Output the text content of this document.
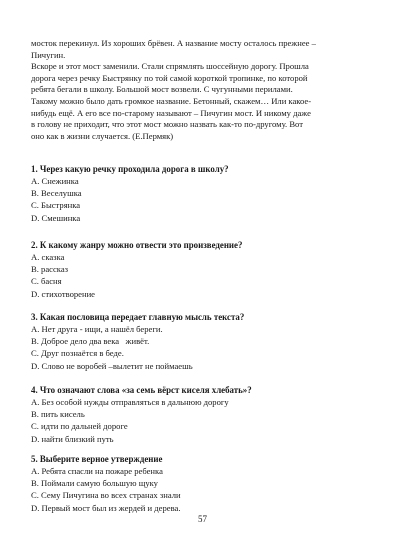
мосток перекинул. Из хороших брёвен. А название мосту осталось прежнее –

Пичугин.

Вскоре и этот мост заменили. Стали спрямлять шоссейную дорогу. Прошла

дорога через речку Быстрянку по той самой короткой тропинке, по которой

ребята бегали в школу. Большой мост возвели. С чугунными перилами.

Такому можно было дать громкое название. Бетонный, скажем… Или какое-

нибудь ещё. А его все по-старому называют – Пичугин мост. И никому даже

в голову не приходит, что этот мост можно назвать как-то по-другому. Вот

оно как в жизни случается. (Е.Пермяк)

1. Через какую речку проходила дорога в школу?

A. Снежинка

B. Веселушка

C. Быстрянка

D. Смешинка

2. К какому жанру можно отвести это произведение?

A. сказка

B. рассказ

C. басня

D. стихотворение

3. Какая пословица передает главную мысль текста?

A. Нет друга - ищи, а нашёл береги.

B. Доброе дело два века   живёт.

C. Друг познаётся в беде.

D. Слово не воробей –вылетит не поймаешь

4. Что означают слова «за семь вёрст киселя хлебать»?

A. Без особой нужды отправляться в дальнюю дорогу

B. пить кисель

C. идти по дальней дороге

D. найти близкий путь

5. Выберите верное утверждение

A. Ребята спасли на пожаре ребенка

B. Поймали самую большую щуку

C. Сему Пичугина во всех странах знали

D. Первый мост был из жердей и дерева.

57
